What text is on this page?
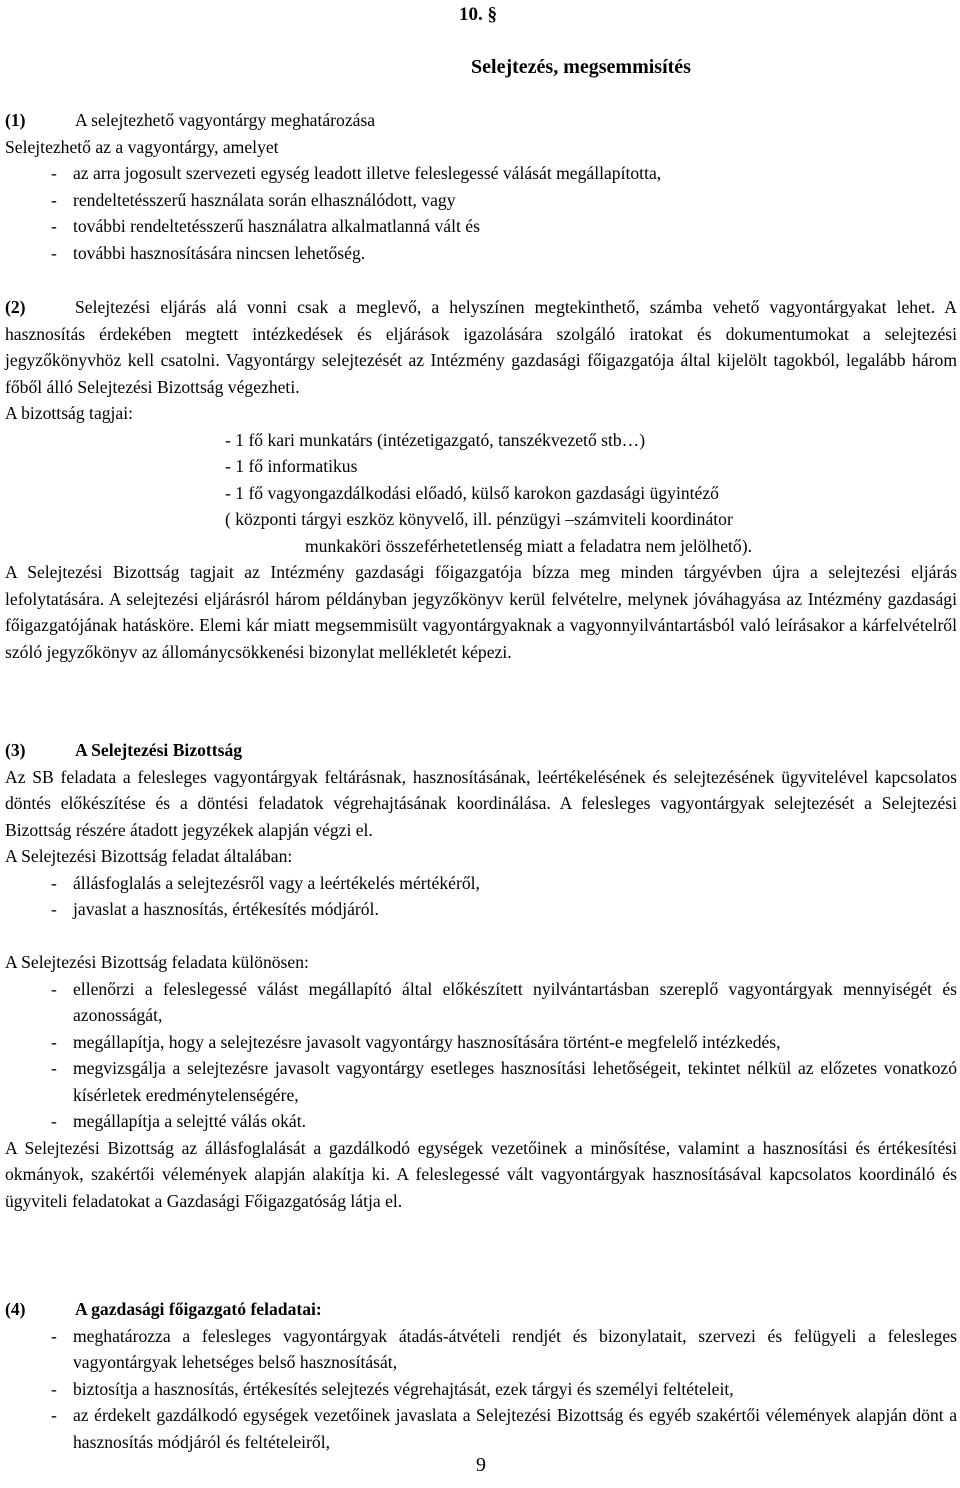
10. §
Selejtezés, megsemmisítés
(1)	A selejtezhető vagyontárgy meghatározása

Selejtezhető az a vagyontárgy, amelyet

- az arra jogosult szervezeti egység leadott illetve feleslegessé válását megállapította,
- rendeltetésszerű használata során elhasználódott, vagy
- további rendeltetésszerű használatra alkalmatlanná vált és
- további hasznosítására nincsen lehetőség.

(2)	Selejtezési eljárás alá vonni csak a meglevő, a helyszínen megtekinthető, számba vehető vagyontárgyakat lehet. A hasznosítás érdekében megtett intézkedések és eljárások igazolására szolgáló iratokat és dokumentumokat a selejtezési jegyzőkönyvhöz kell csatolni. Vagyontárgy selejtezését az Intézmény gazdasági főigazgatója által kijelölt tagokból, legalább három főből álló Selejtezési Bizottság végezheti.

A bizottság tagjai:

- 1 fő kari munkatárs (intézetigazgató, tanszékvezető stb…)

- 1 fő informatikus

- 1 fő vagyongazdálkodási előadó, külső karokon gazdasági ügyintéző

( központi tárgyi eszköz könyvelő, ill. pénzügyi –számviteli koordinátor

munkaköri összeférhetetlenség miatt a feladatra nem jelölhető).

A Selejtezési Bizottság tagjait az Intézmény gazdasági főigazgatója bízza meg minden tárgyévben újra a selejtezési eljárás lefolytatására. A selejtezési eljárásról három példányban jegyzőkönyv kerül felvételre, melynek jóváhagyása az Intézmény gazdasági főigazgatójának hatásköre. Elemi kár miatt megsemmisült vagyontárgyaknak a vagyonnyilvántartásból való leírásakor a kárfelvételről szóló jegyzőkönyv az állománycsökkenési bizonylat mellékletét képezi.

(3)	A Selejtezési Bizottság

Az SB feladata a felesleges vagyontárgyak feltárásnak, hasznosításának, leértékelésének és selejtezésének ügyvitelével kapcsolatos döntés előkészítése és a döntési feladatok végrehajtásának koordinálása. A felesleges vagyontárgyak selejtezését a Selejtezési Bizottság részére átadott jegyzékek alapján végzi el.

A Selejtezési Bizottság feladat általában:

- állásfoglalás a selejtezésről vagy a leértékelés mértékéről,
- javaslat a hasznosítás, értékesítés módjáról.

A Selejtezési Bizottság feladata különösen:

- ellenőrzi a feleslegessé válást megállapító által előkészített nyilvántartásban szereplő vagyontárgyak mennyiségét és azonosságát,
- megállapítja, hogy a selejtezésre javasolt vagyontárgy hasznosítására történt-e megfelelő intézkedés,
- megvizsgálja a selejtezésre javasolt vagyontárgy esetleges hasznosítási lehetőségeit, tekintet nélkül az előzetes vonatkozó kísérletek eredménytelenségére,
- megállapítja a selejtté válás okát.

A Selejtezési Bizottság az állásfoglalását a gazdálkodó egységek vezetőinek a minősítése, valamint a hasznosítási és értékesítési okmányok, szakértői vélemények alapján alakítja ki. A feleslegessé vált vagyontárgyak hasznosításával kapcsolatos koordináló és ügyviteli feladatokat a Gazdasági Főigazgatóság látja el.

(4)	A gazdasági főigazgató feladatai:
- meghatározza a felesleges vagyontárgyak átadás-átvételi rendjét és bizonylatait, szervezi és felügyeli a felesleges vagyontárgyak lehetséges belső hasznosítását,
- biztosítja a hasznosítás, értékesítés selejtezés végrehajtását, ezek tárgyi és személyi feltételeit,
- az érdekelt gazdálkodó egységek vezetőinek javaslata a Selejtezési Bizottság és egyéb szakértői vélemények alapján dönt a hasznosítás módjáról és feltételeiről,
9
